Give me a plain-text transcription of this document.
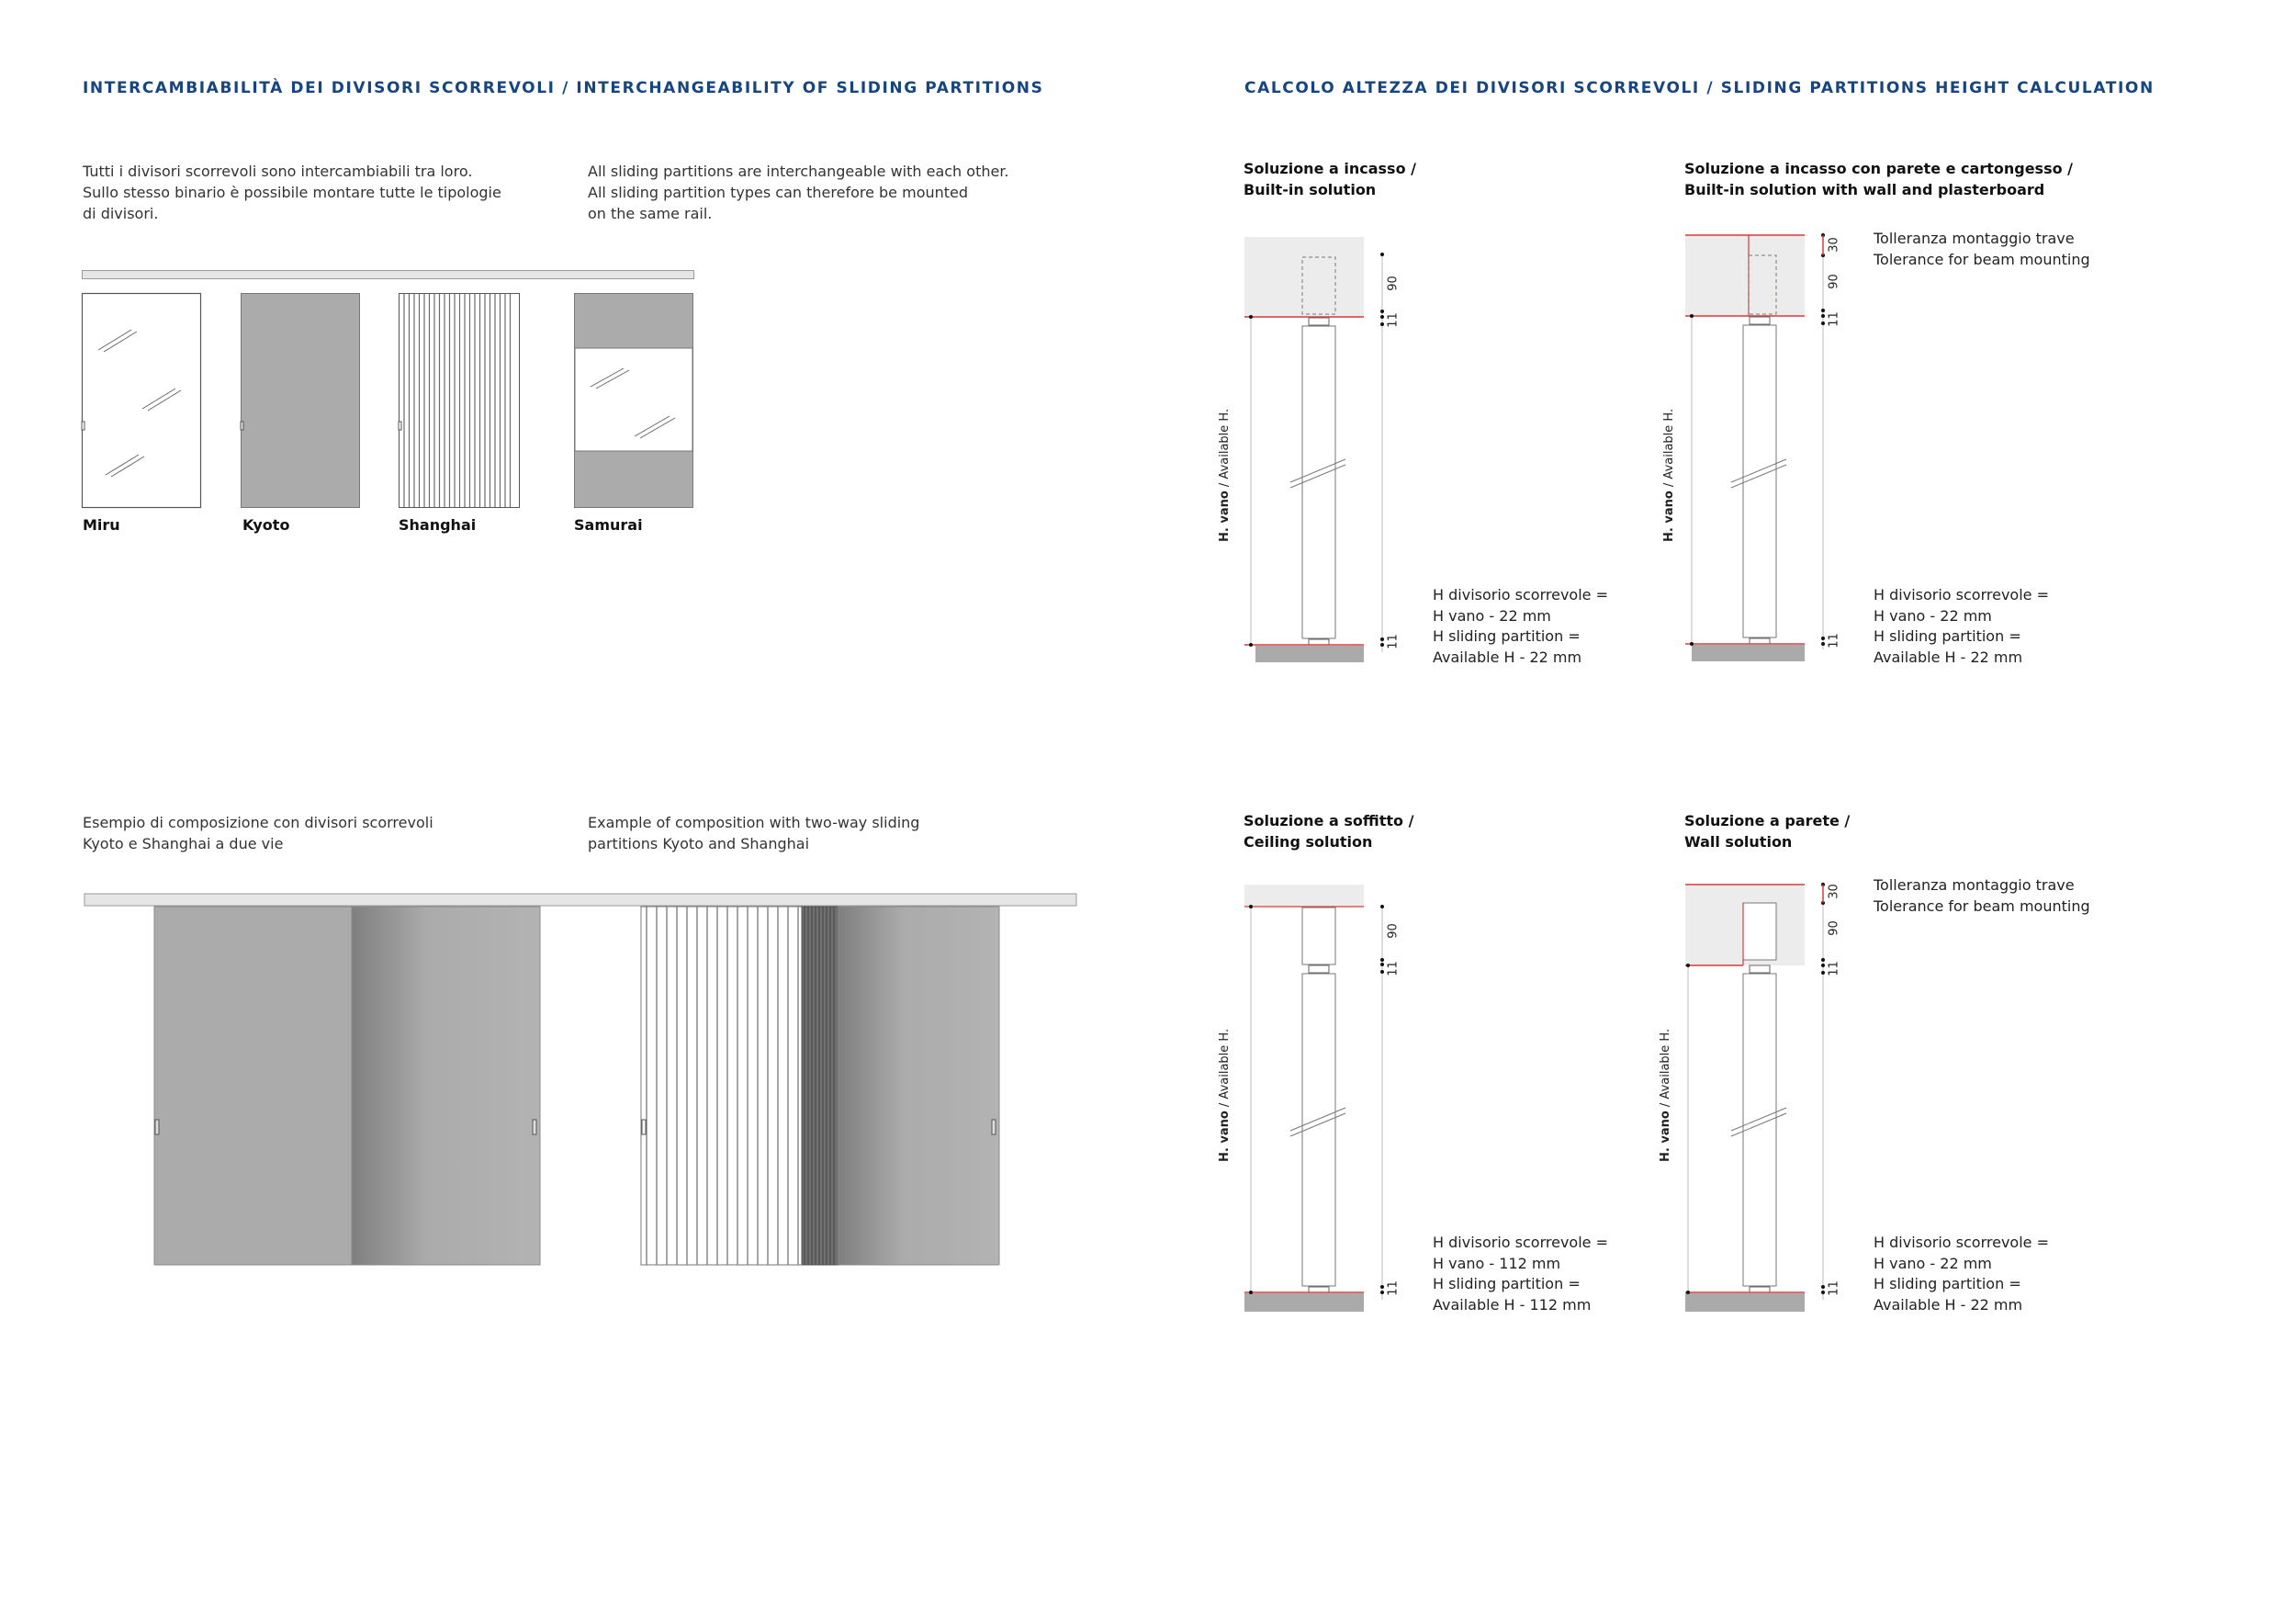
INTERCAMBIABILITÀ DEI DIVISORI SCORREVOLI / INTERCHANGEABILITY OF SLIDING PARTITIONS
Tutti i divisori scorrevoli sono intercambiabili tra loro.
Sullo stesso binario è possibile montare tutte le tipologie
di divisori.
All sliding partitions are interchangeable with each other.
All sliding partition types can therefore be mounted
on the same rail.
Miru	Kyoto	Shanghai	Samurai
Esempio di composizione con divisori scorrevoli
Kyoto e Shanghai a due vie
Example of composition with two-way sliding
partitions Kyoto and Shanghai
CALCOLO ALTEZZA DEI DIVISORI SCORREVOLI / SLIDING PARTITIONS HEIGHT CALCULATION
Soluzione a incasso /
Built-in solution
Soluzione a incasso con parete e cartongesso /
Built-in solution with wall and plasterboard
Soluzione a soffitto /
Ceiling solution
Soluzione a parete /
Wall solution
H divisorio scorrevole =
H vano - 22 mm
H sliding partition =
Available H - 22 mm
H divisorio scorrevole =
H vano - 22 mm
H sliding partition =
Available H - 22 mm
H divisorio scorrevole =
H vano - 112 mm
H sliding partition =
Available H - 112 mm
H divisorio scorrevole =
H vano - 22 mm
H sliding partition =
Available H - 22 mm
Tolleranza montaggio trave
Tolerance for beam mounting
Tolleranza montaggio trave
Tolerance for beam mounting
90
11
11
H. vano / Available H.
30
90
11
11
H. vano / Available H.
90
11
11
H. vano / Available H.
30
90
11
11
H. vano / Available H.
